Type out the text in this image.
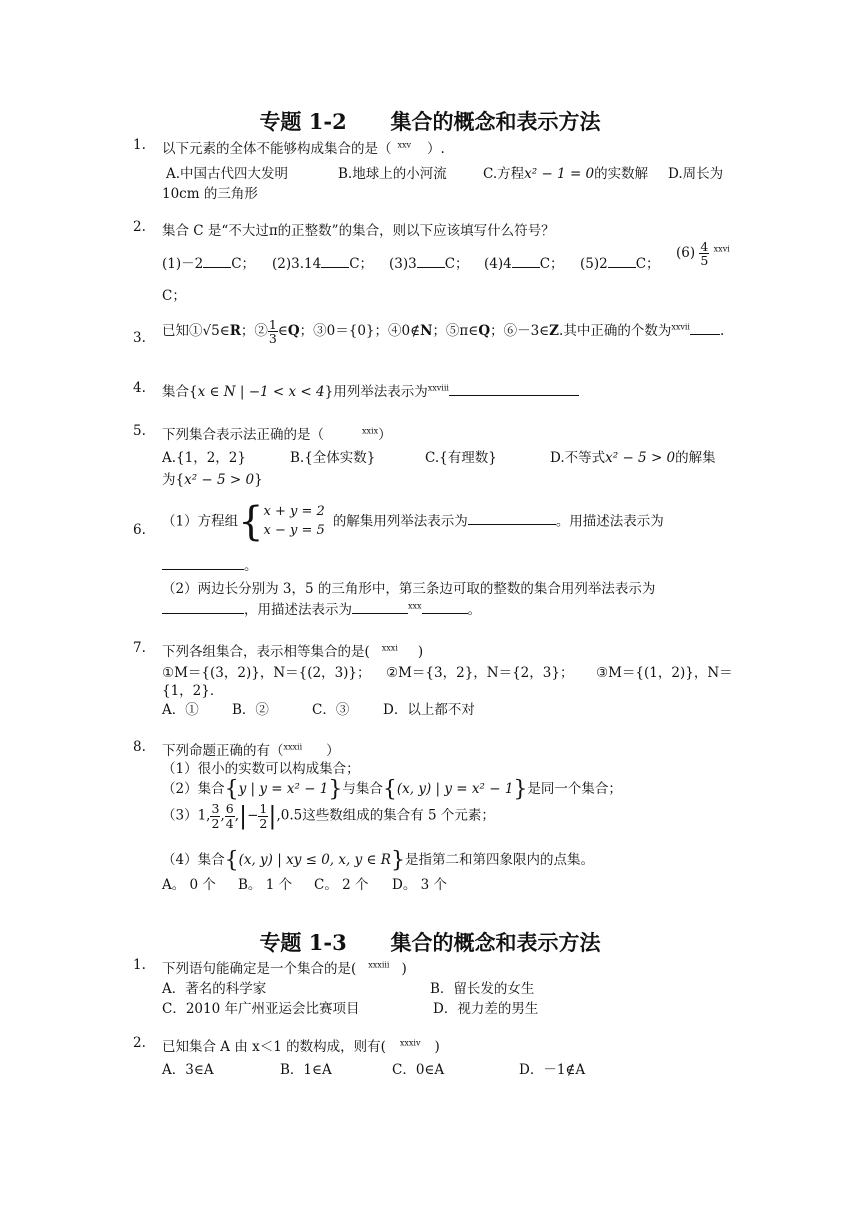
专题 1-2      集合的概念和表示方法
1. 以下元素的全体不能够构成集合的是（ $^{xxv}$ ）.
A.中国古代四大发明	B.地球上的小河流	C.方程x² − 1 = 0的实数解 D.周长为
10cm 的三角形
2. 集合 C 是“不大过π的正整数”的集合，则以下应该填写什么符号？
(1)－2 C； (2)3.14 C； (3)3 C； (4)4 C； (5)2 C；
$(6) \frac{4}{5} ^{xxvi}$
C；
3. 已知①√5∈R；② $\frac{1}{3}$ ∈Q；③0＝{0}；④0∉N；⑤π∈Q；⑥－3∈Z.其中正确的个数为$^{xxvii}$ .
4. 集合{x ∈ N | −1 < x < 4}用列举法表示为$^{xxviii}$
5. 下列集合表示法正确的是（	$^{xxix}$）
A.{1，2，2}	B.{全体实数}	C.{有理数}	D.不等式x² − 5 > 0的解集
为{x² − 5 > 0}
6.
（1）方程组{x + y = 2
x − y = 5的解集用列举法表示为	。用描述法表示为
。
（2）两边长分别为 3，5 的三角形中，第三条边可取的整数的集合用列举法表示为
，用描述法表示为	$^{xxx}$	。
7. 下列各组集合，表示相等集合的是( $^{xxxi}$ )
①M＝{(3，2)}，N＝{(2，3)}； ②M＝{3，2}，N＝{2，3}； ③M＝{(1，2)}，N＝
{1，2}．
A．① B．②	C．③ D．以上都不对
8. 下列命题正确的有（$^{xxxii}$ ）
（1）很小的实数可以构成集合；
（2）集合{y | y = x² − 1}与集合{(x, y) | y = x² − 1}是同一个集合；
（3）1, $\frac{3}{2}$ , $\frac{6}{4}$ ,|− $\frac{1}{2} |,0.5$这些数组成的集合有 5 个元素；
（4）集合{(x, y) | xy ≤ 0, x, y ∈ R}是指第二和第四象限内的点集。
A。 0 个 B。 1 个 C。 2 个 D。 3 个
专题 1-3      集合的概念和表示方法
1. 下列语句能确定是一个集合的是( $^{xxxiii}$ )
A．著名的科学家	B．留长发的女生
C．2010 年广州亚运会比赛项目	D．视力差的男生
2. 已知集合 A 由 x＜1 的数构成，则有( $^{xxxiv}$ )
A．3∈A	B．1∈A	C．0∈A	D．－1∉A
